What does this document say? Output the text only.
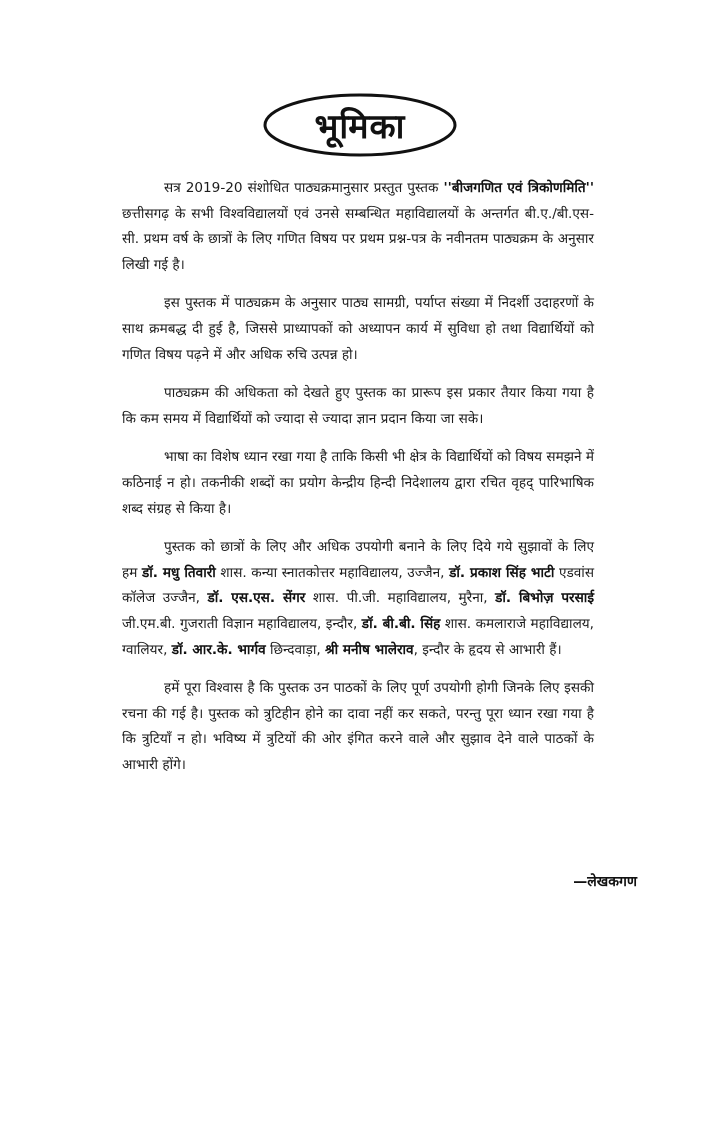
भूमिका

सत्र 2019-20 संशोधित पाठ्यक्रमानुसार प्रस्तुत पुस्तक ''बीजगणित एवं त्रिकोणमिति'' छत्तीसगढ़ के सभी विश्वविद्यालयों एवं उनसे सम्बन्धित महाविद्यालयों के अन्तर्गत बी.ए./बी.एस-सी. प्रथम वर्ष के छात्रों के लिए गणित विषय पर प्रथम प्रश्न-पत्र के नवीनतम पाठ्यक्रम के अनुसार लिखी गई है।

इस पुस्तक में पाठ्यक्रम के अनुसार पाठ्य सामग्री, पर्याप्त संख्या में निदर्शी उदाहरणों के साथ क्रमबद्ध दी हुई है, जिससे प्राध्यापकों को अध्यापन कार्य में सुविधा हो तथा विद्यार्थियों को गणित विषय पढ़ने में और अधिक रुचि उत्पन्न हो।

पाठ्यक्रम की अधिकता को देखते हुए पुस्तक का प्रारूप इस प्रकार तैयार किया गया है कि कम समय में विद्यार्थियों को ज्यादा से ज्यादा ज्ञान प्रदान किया जा सके।

भाषा का विशेष ध्यान रखा गया है ताकि किसी भी क्षेत्र के विद्यार्थियों को विषय समझने में कठिनाई न हो। तकनीकी शब्दों का प्रयोग केन्द्रीय हिन्दी निदेशालय द्वारा रचित वृहद् पारिभाषिक शब्द संग्रह से किया है।

पुस्तक को छात्रों के लिए और अधिक उपयोगी बनाने के लिए दिये गये सुझावों के लिए हम डॉ. मधु तिवारी शास. कन्या स्नातकोत्तर महाविद्यालय, उज्जैन, डॉ. प्रकाश सिंह भाटी एडवांस कॉलेज उज्जैन, डॉ. एस.एस. सेंगर शास. पी.जी. महाविद्यालय, मुरैना, डॉ. बिभोज़ परसाई जी.एम.बी. गुजराती विज्ञान महाविद्यालय, इन्दौर, डॉ. बी.बी. सिंह शास. कमलाराजे महाविद्यालय, ग्वालियर, डॉ. आर.के. भार्गव छिन्दवाड़ा, श्री मनीष भालेराव, इन्दौर के हृदय से आभारी हैं।

हमें पूरा विश्वास है कि पुस्तक उन पाठकों के लिए पूर्ण उपयोगी होगी जिनके लिए इसकी रचना की गई है। पुस्तक को त्रुटिहीन होने का दावा नहीं कर सकते, परन्तु पूरा ध्यान रखा गया है कि त्रुटियाँ न हो। भविष्य में त्रुटियों की ओर इंगित करने वाले और सुझाव देने वाले पाठकों के आभारी होंगे।

—लेखकगण
